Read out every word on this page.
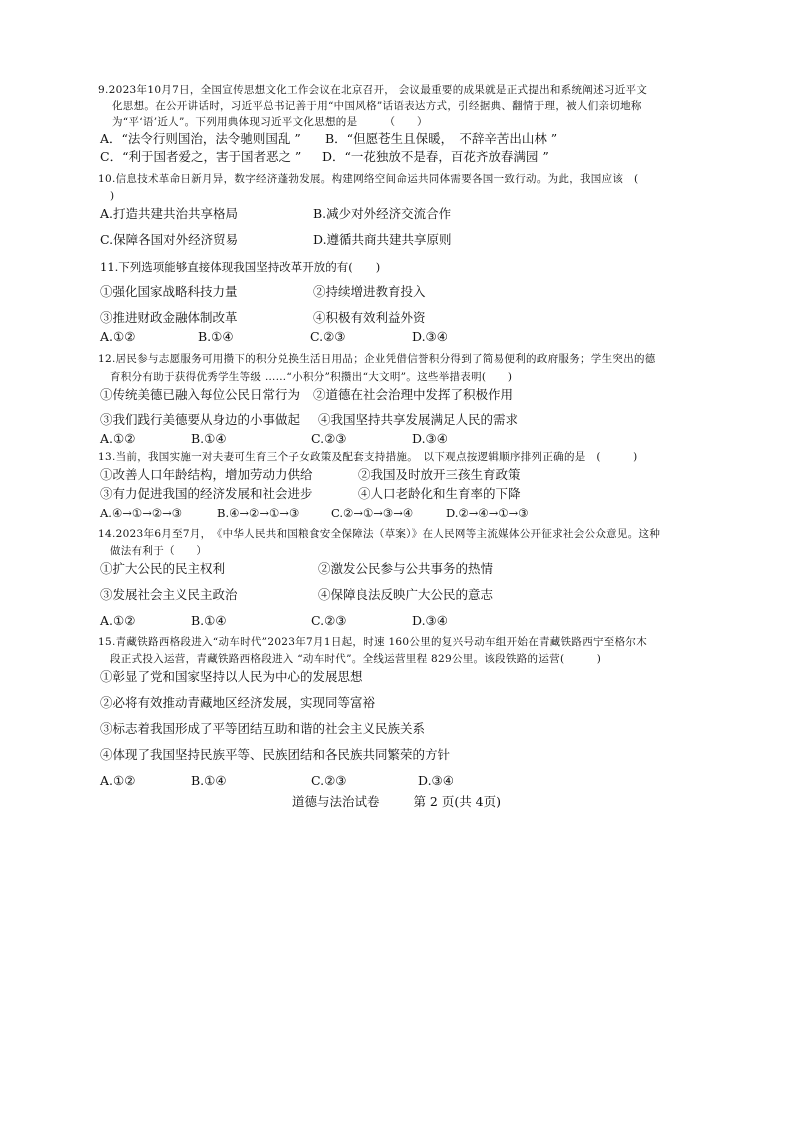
9.2023年10月7日，全国宣传思想文化工作会议在北京召开， 会议最重要的成果就是正式提出和系统阐述习近平文
化思想。在公开讲话时，习近平总书记善于用“中国风格”话语表达方式，引经据典、翻情于理，被人们亲切地称
为“平‘语’近人”。下列用典体现习近平文化思想的是　　　（　　）
A．“法令行则国治，法令驰则国乱 ” B．“但愿苍生且保暖，　不辞辛苦出山林 ”
C．“利于国者爱之，害于国者恶之 ” D．“一花独放不是春，百花齐放春满园 ”
10.信息技术革命日新月异，数字经济蓬勃发展。构建网络空间命运共同体需要各国一致行动。为此，我国应该　(
)
A.打造共建共治共享格局	B.减少对外经济交流合作
C.保障各国对外经济贸易	D.遵循共商共建共享原则
11.下列选项能够直接体现我国坚持改革开放的有(　　)
①强化国家战略科技力量	②持续增进教育投入
③推进财政金融体制改革	④积极有效利益外资
A.①②	B.①④	C.②③	D.③④
12.居民参与志愿服务可用攒下的积分兑换生活日用品；企业凭借信誉积分得到了简易便利的政府服务；学生突出的德
育积分有助于获得优秀学生等级 ……“小积分”积攒出“大文明”。这些举措表明(　　)
①传统美德已融入每位公民日常行为 ②道德在社会治理中发挥了积极作用
③我们践行美德要从身边的小事做起 ④我国坚持共享发展满足人民的需求
A.①②	B.①④	C.②③	D.③④
13.当前，我国实施一对夫妻可生育三个子女政策及配套支持措施。　以下观点按逻辑顺序排列正确的是　(　　　)
①改善人口年龄结构，增加劳动力供给	②我国及时放开三孩生育政策
③有力促进我国的经济发展和社会进步	④人口老龄化和生育率的下降
A.④→①→②→③	B.④→②→①→③	C.②→①→③→④	D.②→④→①→③
14.2023年6月至7月，　《中华人民共和国粮食安全保障法（草案）》在人民网等主流媒体公开征求社会公众意见。这种
做法有利于（　　）
①扩大公民的民主权利	②激发公民参与公共事务的热情
③发展社会主义民主政治	④保障良法反映广大公民的意志
A.①②	B.①④	C.②③	D.③④
15.青藏铁路西格段进入“动车时代”2023年7月1日起，时速 160公里的复兴号动车组开始在青藏铁路西宁至格尔木
段正式投入运营，青藏铁路西格段进入 “动车时代”。全线运营里程 829公里。该段铁路的运营(　　　)
①彰显了党和国家坚持以人民为中心的发展思想
②必将有效推动青藏地区经济发展，实现同等富裕
③标志着我国形成了平等团结互助和谐的社会主义民族关系
④体现了我国坚持民族平等、民族团结和各民族共同繁荣的方针
A.①②	B.①④	C.②③	D.③④
道德与法治试卷	第 2 页(共 4页)
